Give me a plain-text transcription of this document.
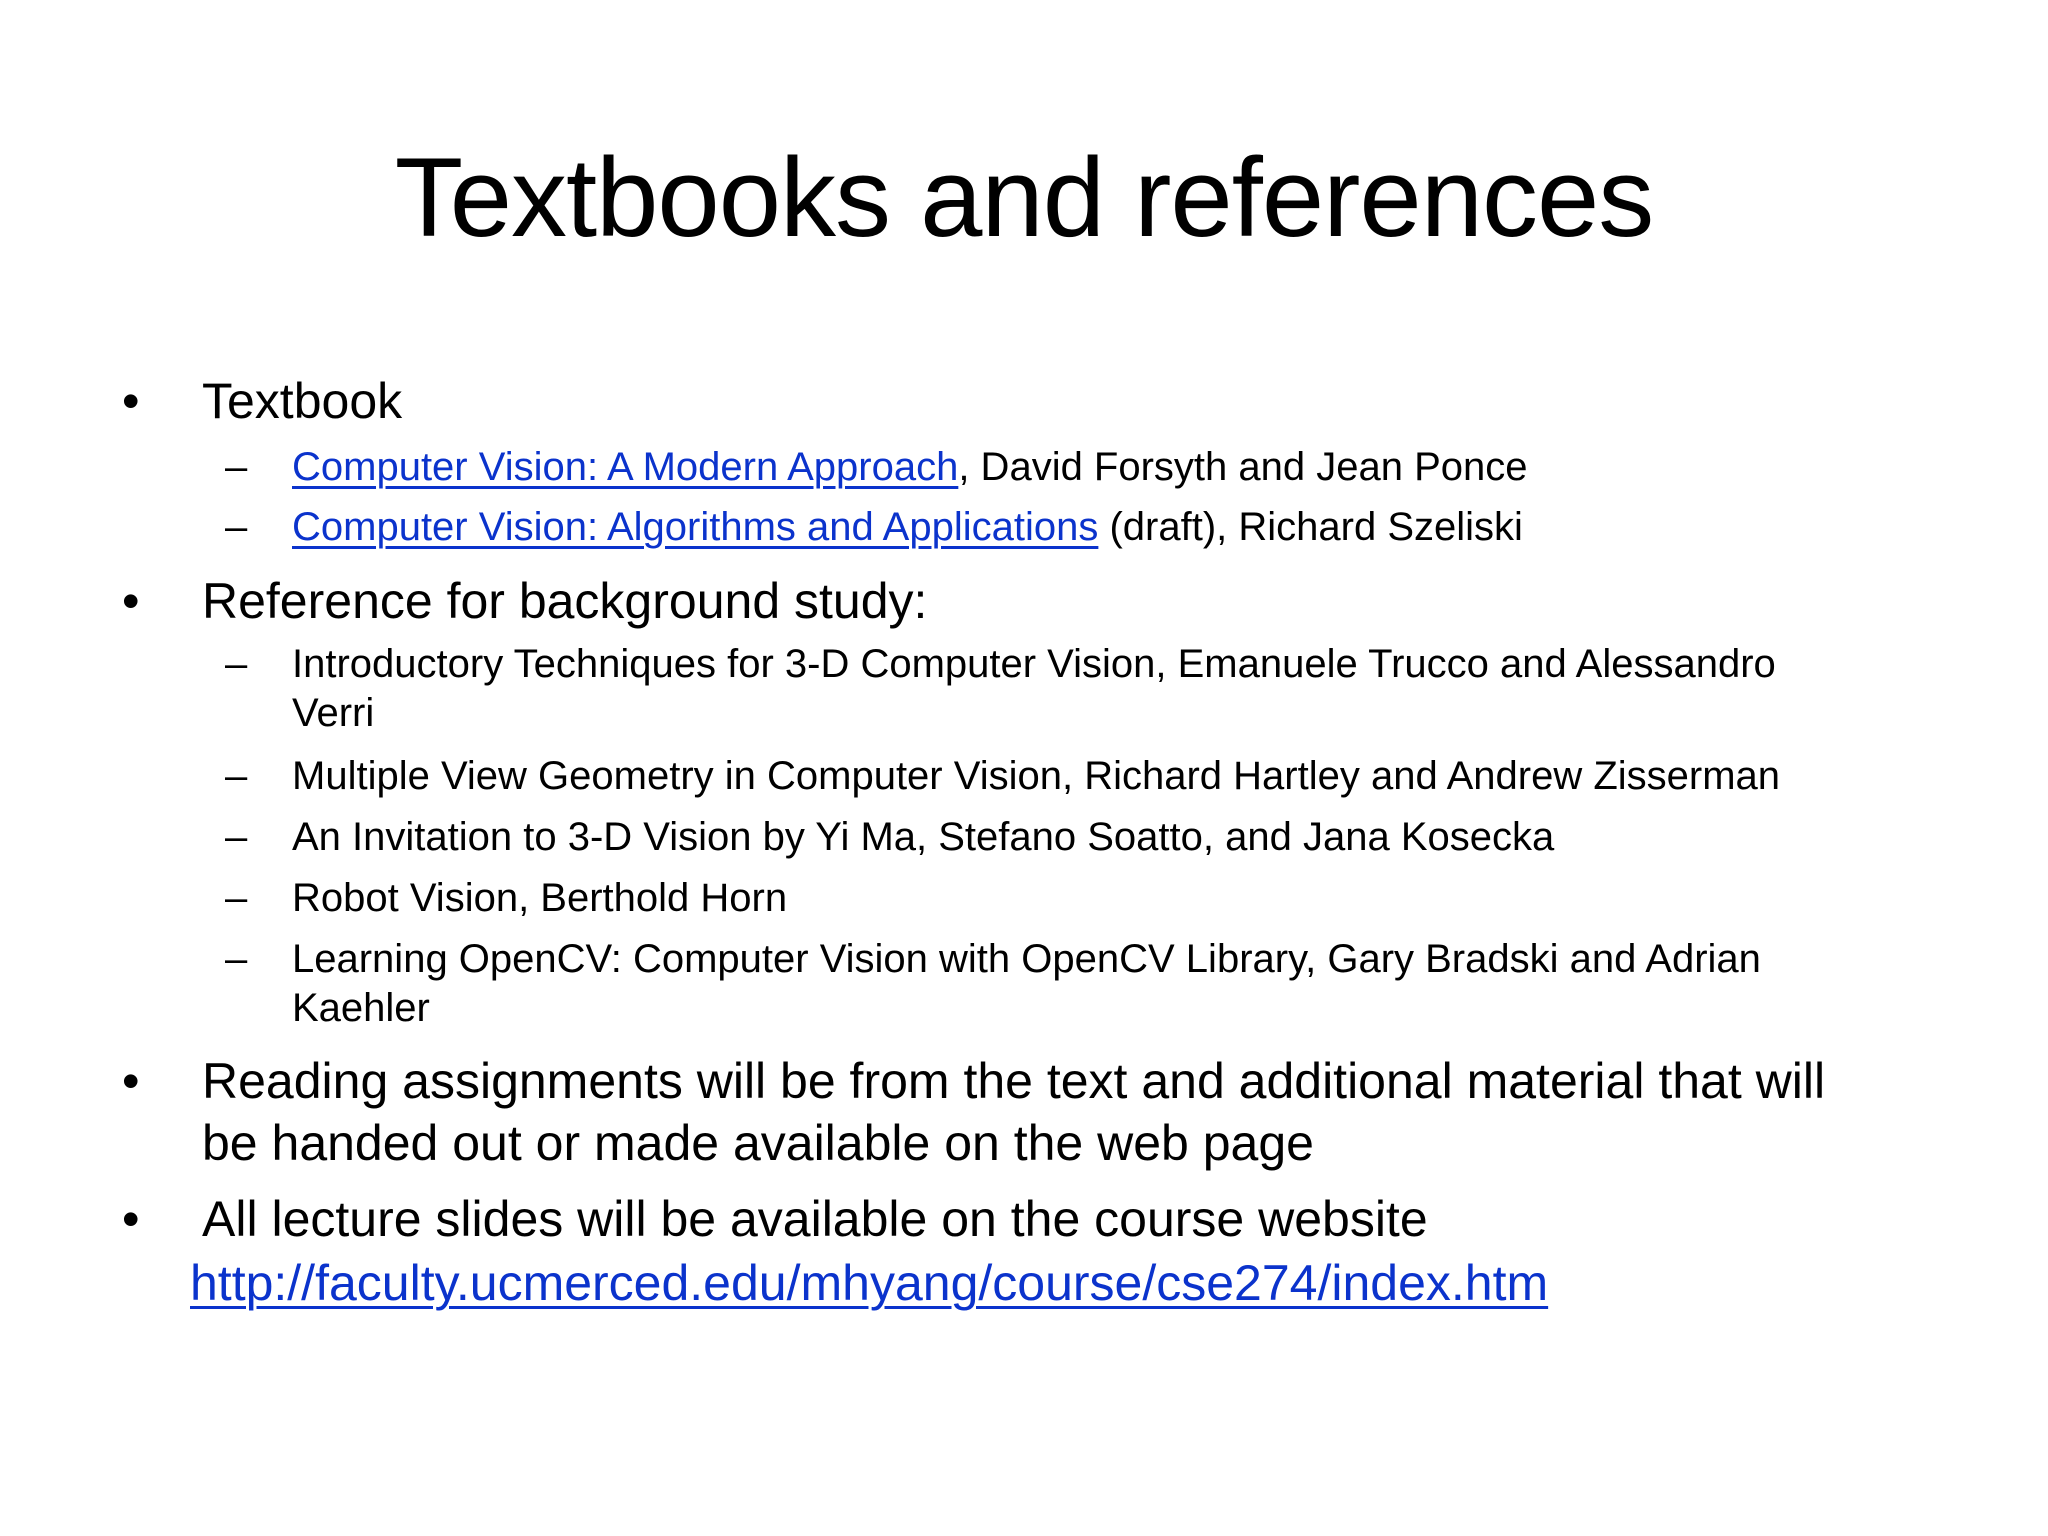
Textbooks and references
•	Textbook
–	Computer Vision: A Modern Approach, David Forsyth and Jean Ponce
–	Computer Vision: Algorithms and Applications (draft), Richard Szeliski
•	Reference for background study:
–	Introductory Techniques for 3-D Computer Vision, Emanuele Trucco and Alessandro
Verri
–	Multiple View Geometry in Computer Vision, Richard Hartley and Andrew Zisserman
–	An Invitation to 3-D Vision by Yi Ma, Stefano Soatto, and Jana Kosecka
–	Robot Vision, Berthold Horn
–	Learning OpenCV: Computer Vision with OpenCV Library, Gary Bradski and Adrian
Kaehler
•	Reading assignments will be from the text and additional material that will
be handed out or made available on the web page
•	All lecture slides will be available on the course website
http://faculty.ucmerced.edu/mhyang/course/cse274/index.htm
